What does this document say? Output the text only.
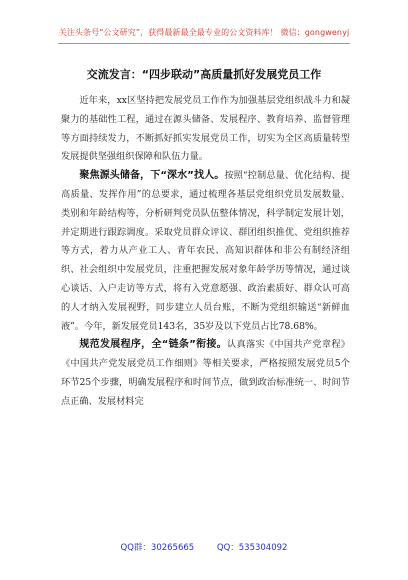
关注头条号“公文研究”，获得最新最全最专业的公文资料库！ 微信：gongwenyj
交流发言：“四步联动”高质量抓好发展党员工作

近年来，xx区坚持把发展党员工作作为加强基层党组织战斗力和凝聚力的基础性工程，通过在源头储备、发展程序、教育培养、监督管理等方面持续发力，不断抓好抓实发展党员工作，切实为全区高质量转型发展提供坚强组织保障和队伍力量。

聚焦源头储备，下“深水”找人。按照“控制总量、优化结构、提高质量、发挥作用”的总要求，通过梳理各基层党组织党员发展数量、类别和年龄结构等，分析研判党员队伍整体情况，科学制定发展计划，并定期进行跟踪调度。采取党员群众评议、群团组织推优、党组织推荐等方式，着力从产业工人、青年农民、高知识群体和非公有制经济组织、社会组织中发展党员，注重把握发展对象年龄学历等情况，通过谈心谈话、入户走访等方式，将有入党意愿强、政治素质好、群众认可高的人才纳入发展视野，同步建立人员台账，不断为党组织输送“新鲜血液”。今年，新发展党员143名，35岁及以下党员占比78.68%。

规范发展程序，全“链条”衔接。认真落实《中国共产党章程》《中国共产党发展党员工作细则》等相关要求，严格按照发展党员5个环节25个步骤，明确发展程序和时间节点，做到政治标准统一、时间节点正确、发展材料完

QQ群：30265665	QQ：535304092
